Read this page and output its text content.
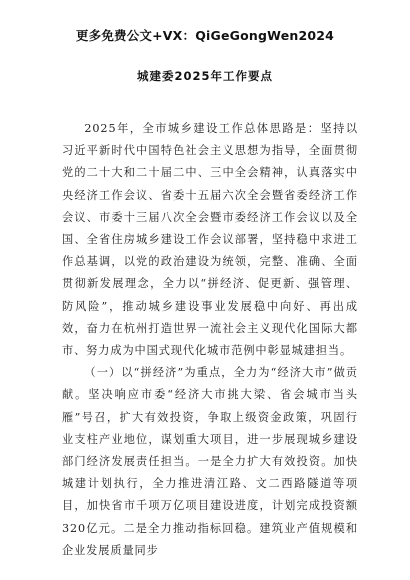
更多免费公文+VX：QiGeGongWen2024
城建委2025年工作要点

2025年，全市城乡建设工作总体思路是：坚持以习近平新时代中国特色社会主义思想为指导，全面贯彻党的二十大和二十届二中、三中全会精神，认真落实中央经济工作会议、省委十五届六次全会暨省委经济工作会议、市委十三届八次全会暨市委经济工作会议以及全国、全省住房城乡建设工作会议部署，坚持稳中求进工作总基调，以党的政治建设为统领，完整、准确、全面贯彻新发展理念，全力以“拼经济、促更新、强管理、防风险”，推动城乡建设事业发展稳中向好、再出成效，奋力在杭州打造世界一流社会主义现代化国际大都市、努力成为中国式现代化城市范例中彰显城建担当。

（一）以“拼经济”为重点，全力为“经济大市”做贡献。坚决响应市委“经济大市挑大梁、省会城市当头雁”号召，扩大有效投资，争取上级资金政策，巩固行业支柱产业地位，谋划重大项目，进一步展现城乡建设部门经济发展责任担当。一是全力扩大有效投资。加快城建计划执行，全力推进清江路、文二西路隧道等项目，加快省市千项万亿项目建设进度，计划完成投资额320亿元。二是全力推动指标回稳。建筑业产值规模和企业发展质量同步
